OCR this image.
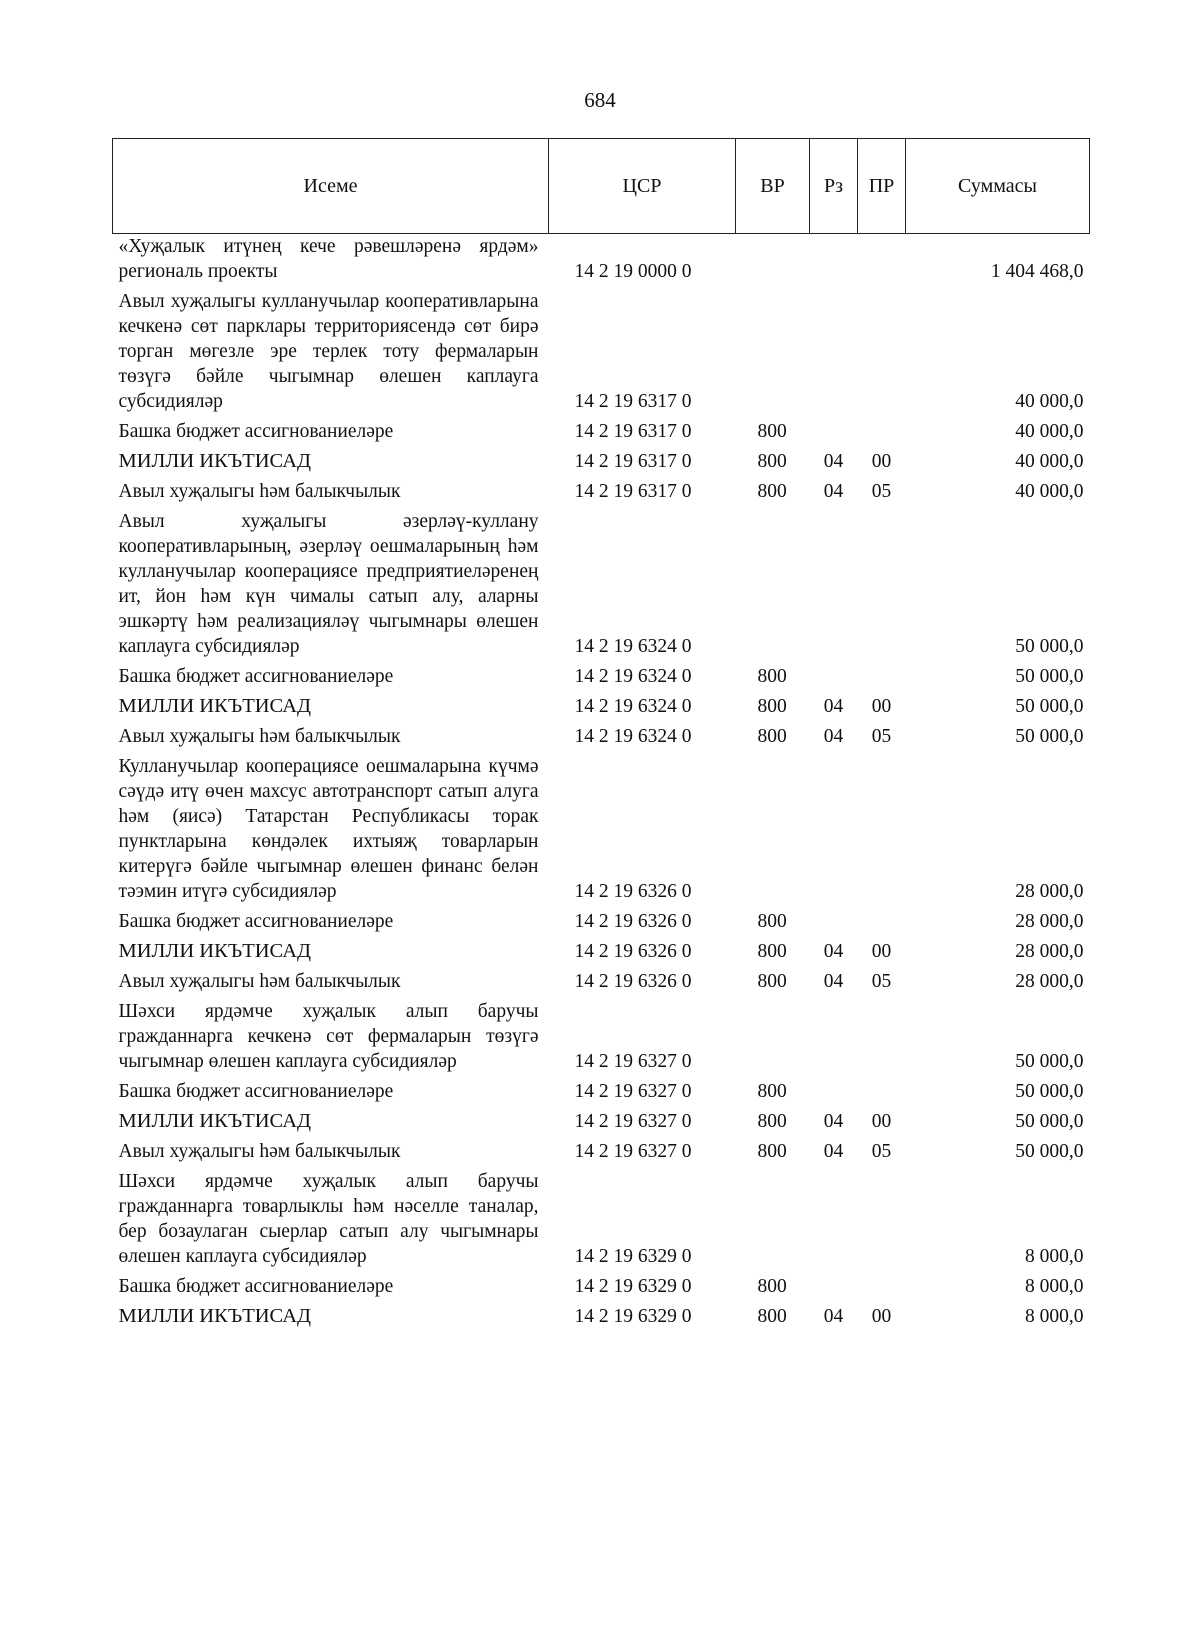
684
Исеме	ЦСР	ВР	Рз	ПР	Суммасы
«Хуҗалык итүнең кече рәвешләренә ярдәм» региональ проекты	14 2 19 0000 0				1 404 468,0
Авыл хуҗалыгы кулланучылар кооперативларына кечкенә сөт парклары территориясендә сөт бирә торган мөгезле эре терлек тоту фермаларын төзүгә бәйле чыгымнар өлешен каплауга субсидияләр	14 2 19 6317 0				40 000,0
Башка бюджет ассигнованиеләре	14 2 19 6317 0	800			40 000,0
МИЛЛИ ИКЪТИСАД	14 2 19 6317 0	800	04	00	40 000,0
Авыл хуҗалыгы һәм балыкчылык	14 2 19 6317 0	800	04	05	40 000,0
Авыл хуҗалыгы әзерләү-куллану кооперативларының, әзерләү оешмаларының һәм кулланучылар кооперациясе предприятиеләренең ит, йон һәм күн чималы сатып алу, аларны эшкәртү һәм реализацияләү чыгымнары өлешен каплауга субсидияләр	14 2 19 6324 0				50 000,0
Башка бюджет ассигнованиеләре	14 2 19 6324 0	800			50 000,0
МИЛЛИ ИКЪТИСАД	14 2 19 6324 0	800	04	00	50 000,0
Авыл хуҗалыгы һәм балыкчылык	14 2 19 6324 0	800	04	05	50 000,0
Кулланучылар кооперациясе оешмаларына күчмә сәүдә итү өчен махсус автотранспорт сатып алуга һәм (яисә) Татарстан Республикасы торак пунктларына көндәлек ихтыяҗ товарларын китерүгә бәйле чыгымнар өлешен финанс белән тәэмин итүгә субсидияләр	14 2 19 6326 0				28 000,0
Башка бюджет ассигнованиеләре	14 2 19 6326 0	800			28 000,0
МИЛЛИ ИКЪТИСАД	14 2 19 6326 0	800	04	00	28 000,0
Авыл хуҗалыгы һәм балыкчылык	14 2 19 6326 0	800	04	05	28 000,0
Шәхси ярдәмче хуҗалык алып баручы гражданнарга кечкенә сөт фермаларын төзүгә чыгымнар өлешен каплауга субсидияләр	14 2 19 6327 0				50 000,0
Башка бюджет ассигнованиеләре	14 2 19 6327 0	800			50 000,0
МИЛЛИ ИКЪТИСАД	14 2 19 6327 0	800	04	00	50 000,0
Авыл хуҗалыгы һәм балыкчылык	14 2 19 6327 0	800	04	05	50 000,0
Шәхси ярдәмче хуҗалык алып баручы гражданнарга товарлыклы һәм нәселле таналар, бер бозаулаган сыерлар сатып алу чыгымнары өлешен каплауга субсидияләр	14 2 19 6329 0				8 000,0
Башка бюджет ассигнованиеләре	14 2 19 6329 0	800			8 000,0
МИЛЛИ ИКЪТИСАД	14 2 19 6329 0	800	04	00	8 000,0
